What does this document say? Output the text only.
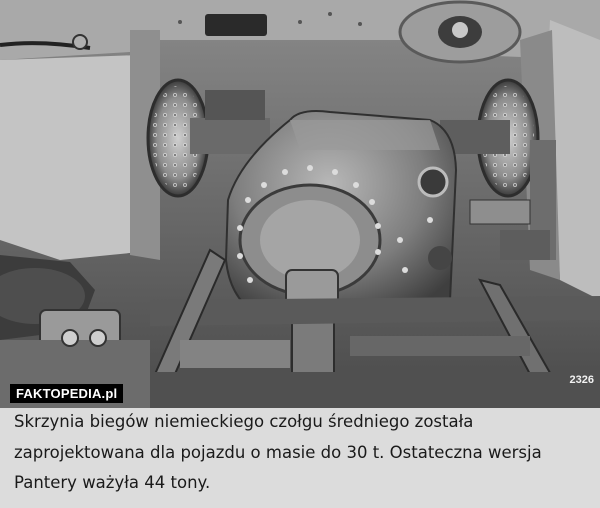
FAKTOPEDIA.pl
2326

Skrzynia biegów niemieckiego czołgu średniego została zaprojektowana dla pojazdu o masie do 30 t. Ostateczna wersja Pantery ważyła 44 tony.
